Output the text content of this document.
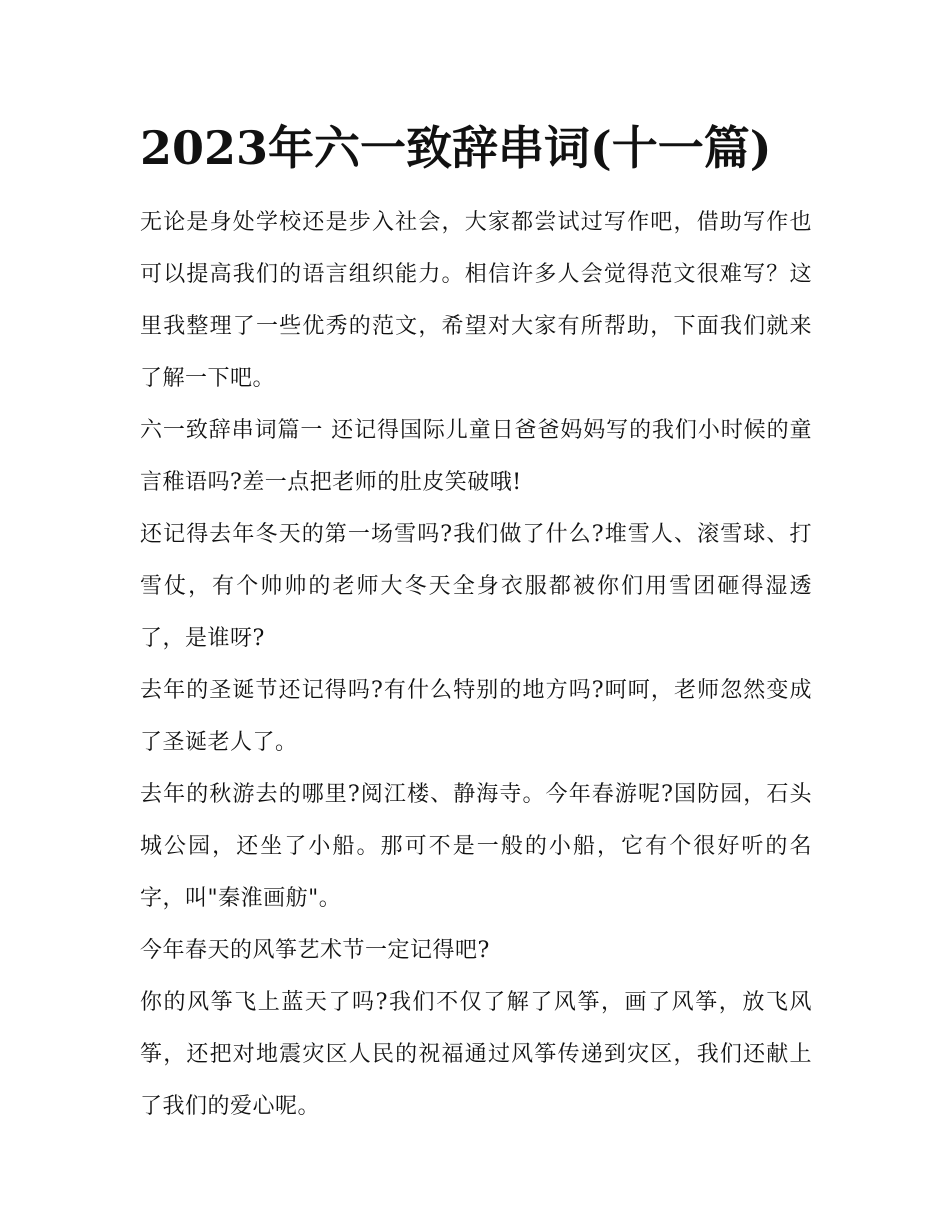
2023年六一致辞串词(十一篇)

无论是身处学校还是步入社会，大家都尝试过写作吧，借助写作也可以提高我们的语言组织能力。相信许多人会觉得范文很难写？这里我整理了一些优秀的范文，希望对大家有所帮助，下面我们就来了解一下吧。

六一致辞串词篇一 还记得国际儿童日爸爸妈妈写的我们小时候的童言稚语吗?差一点把老师的肚皮笑破哦!

还记得去年冬天的第一场雪吗?我们做了什么?堆雪人、滚雪球、打雪仗，有个帅帅的老师大冬天全身衣服都被你们用雪团砸得湿透了，是谁呀?

去年的圣诞节还记得吗?有什么特别的地方吗?呵呵，老师忽然变成了圣诞老人了。

去年的秋游去的哪里?阅江楼、静海寺。今年春游呢?国防园，石头城公园，还坐了小船。那可不是一般的小船，它有个很好听的名字，叫"秦淮画舫"。

今年春天的风筝艺术节一定记得吧?

你的风筝飞上蓝天了吗?我们不仅了解了风筝，画了风筝，放飞风筝，还把对地震灾区人民的祝福通过风筝传递到灾区，我们还献上了我们的爱心呢。
